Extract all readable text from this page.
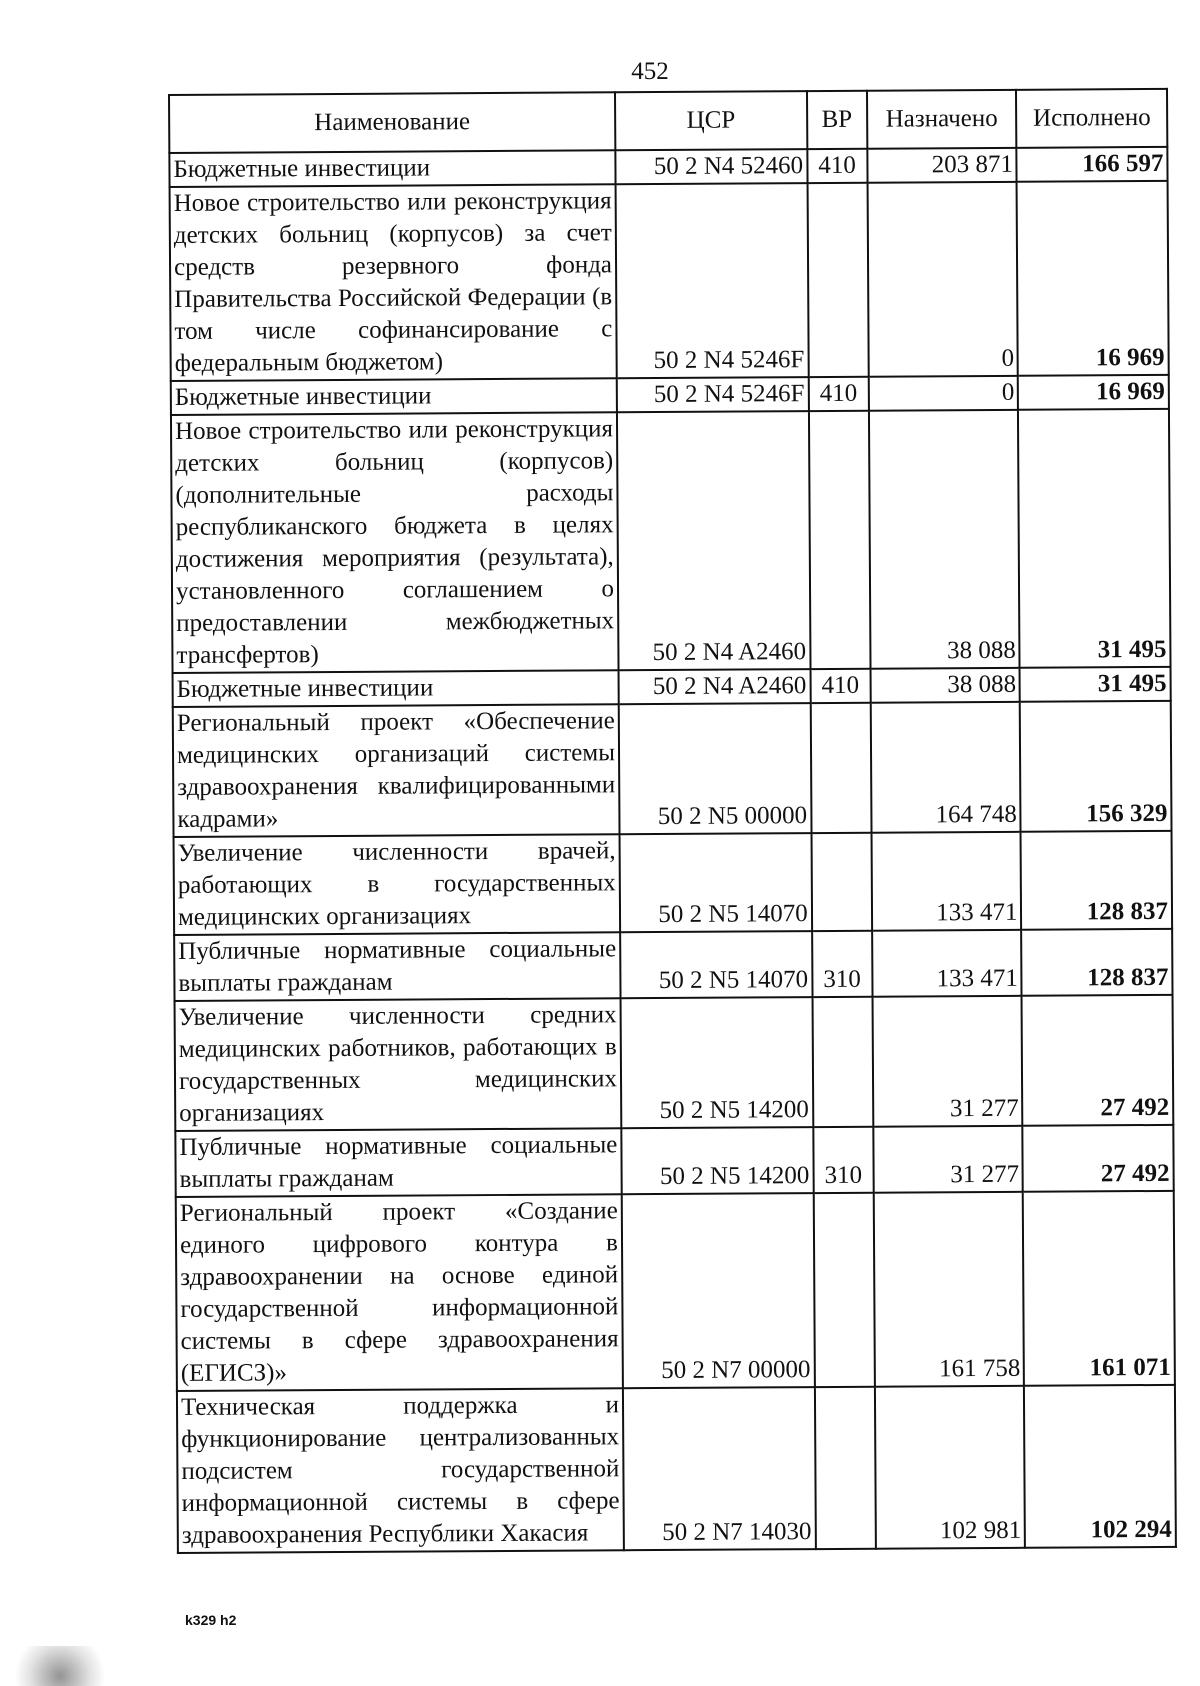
452
Наименование	ЦСР	ВР	Назначено	Исполнено
Бюджетные инвестиции	50 2 N4 52460	410	203 871	166 597
Новое строительство или реконструкция детских больниц (корпусов) за счет средств резервного фонда Правительства Российской Федерации (в том числе софинансирование с федеральным бюджетом)	50 2 N4 5246F		0	16 969
Бюджетные инвестиции	50 2 N4 5246F	410	0	16 969
Новое строительство или реконструкция детских больниц (корпусов) (дополнительные расходы республиканского бюджета в целях достижения мероприятия (результата), установленного соглашением о предоставлении межбюджетных трансфертов)	50 2 N4 A2460		38 088	31 495
Бюджетные инвестиции	50 2 N4 A2460	410	38 088	31 495
Региональный проект «Обеспечение медицинских организаций системы здравоохранения квалифицированными кадрами»	50 2 N5 00000		164 748	156 329
Увеличение численности врачей, работающих в государственных медицинских организациях	50 2 N5 14070		133 471	128 837
Публичные нормативные социальные выплаты гражданам	50 2 N5 14070	310	133 471	128 837
Увеличение численности средних медицинских работников, работающих в государственных медицинских организациях	50 2 N5 14200		31 277	27 492
Публичные нормативные социальные выплаты гражданам	50 2 N5 14200	310	31 277	27 492
Региональный проект «Создание единого цифрового контура в здравоохранении на основе единой государственной информационной системы в сфере здравоохранения (ЕГИСЗ)»	50 2 N7 00000		161 758	161 071
Техническая поддержка и функционирование централизованных подсистем государственной информационной системы в сфере здравоохранения Республики Хакасия	50 2 N7 14030		102 981	102 294
k329 h2
